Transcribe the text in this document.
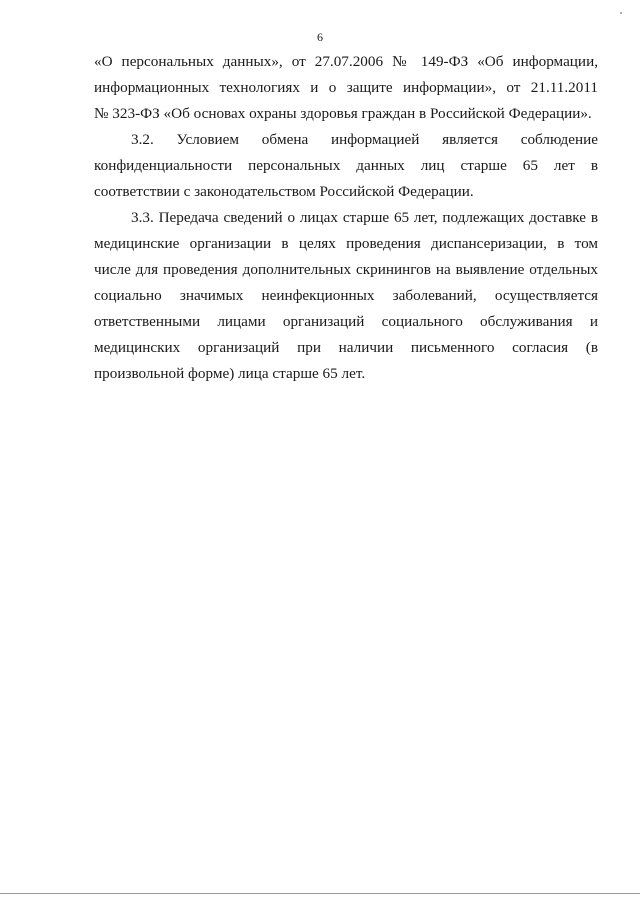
6
«О персональных данных», от 27.07.2006 № 149-ФЗ «Об информации,
информационных технологиях и о защите информации», от 21.11.2011
№ 323-ФЗ «Об основах охраны здоровья граждан в Российской Федерации».
3.2. Условием обмена информацией является соблюдение
конфиденциальности персональных данных лиц старше 65 лет в
соответствии с законодательством Российской Федерации.
3.3. Передача сведений о лицах старше 65 лет, подлежащих доставке в
медицинские организации в целях проведения диспансеризации, в том
числе для проведения дополнительных скринингов на выявление отдельных
социально значимых неинфекционных заболеваний, осуществляется
ответственными лицами организаций социального обслуживания и
медицинских организаций при наличии письменного согласия (в
произвольной форме) лица старше 65 лет.
